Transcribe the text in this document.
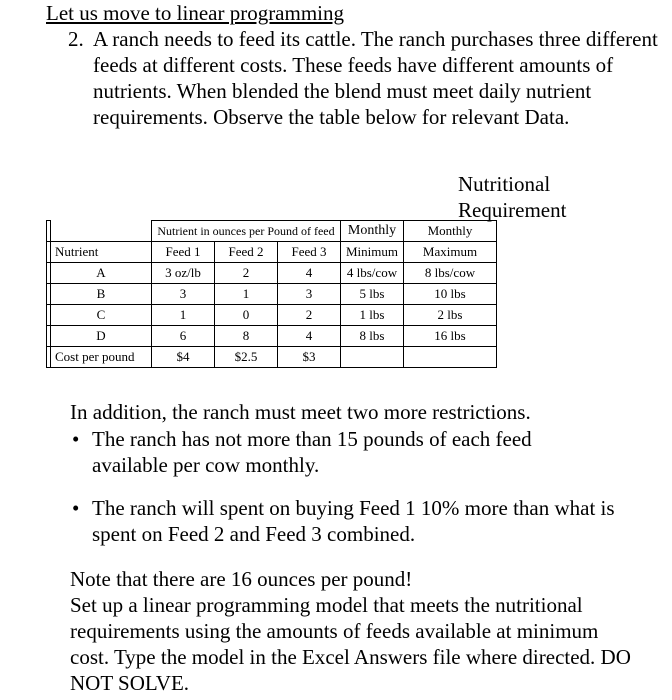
Let us move to linear programming
2. A ranch needs to feed its cattle. The ranch purchases three different feeds at different costs. These feeds have different amounts of nutrients. When blended the blend must meet daily nutrient requirements. Observe the table below for relevant Data.
Nutritional
Requirement
		Nutrient in ounces per Pound of feed			Monthly	Monthly
	Nutrient	Feed 1	Feed 2	Feed 3	Minimum	Maximum
	A	3 oz/lb	2	4	4 lbs/cow	8 lbs/cow
	B	3	1	3	5 lbs	10 lbs
	C	1	0	2	1 lbs	2 lbs
	D	6	8	4	8 lbs	16 lbs
	Cost per pound	$4	$2.5	$3		
In addition, the ranch must meet two more restrictions.
• The ranch has not more than 15 pounds of each feed available per cow monthly.
• The ranch will spent on buying Feed 1 10% more than what is spent on Feed 2 and Feed 3 combined.
Note that there are 16 ounces per pound!
Set up a linear programming model that meets the nutritional requirements using the amounts of feeds available at minimum cost. Type the model in the Excel Answers file where directed. DO NOT SOLVE.
